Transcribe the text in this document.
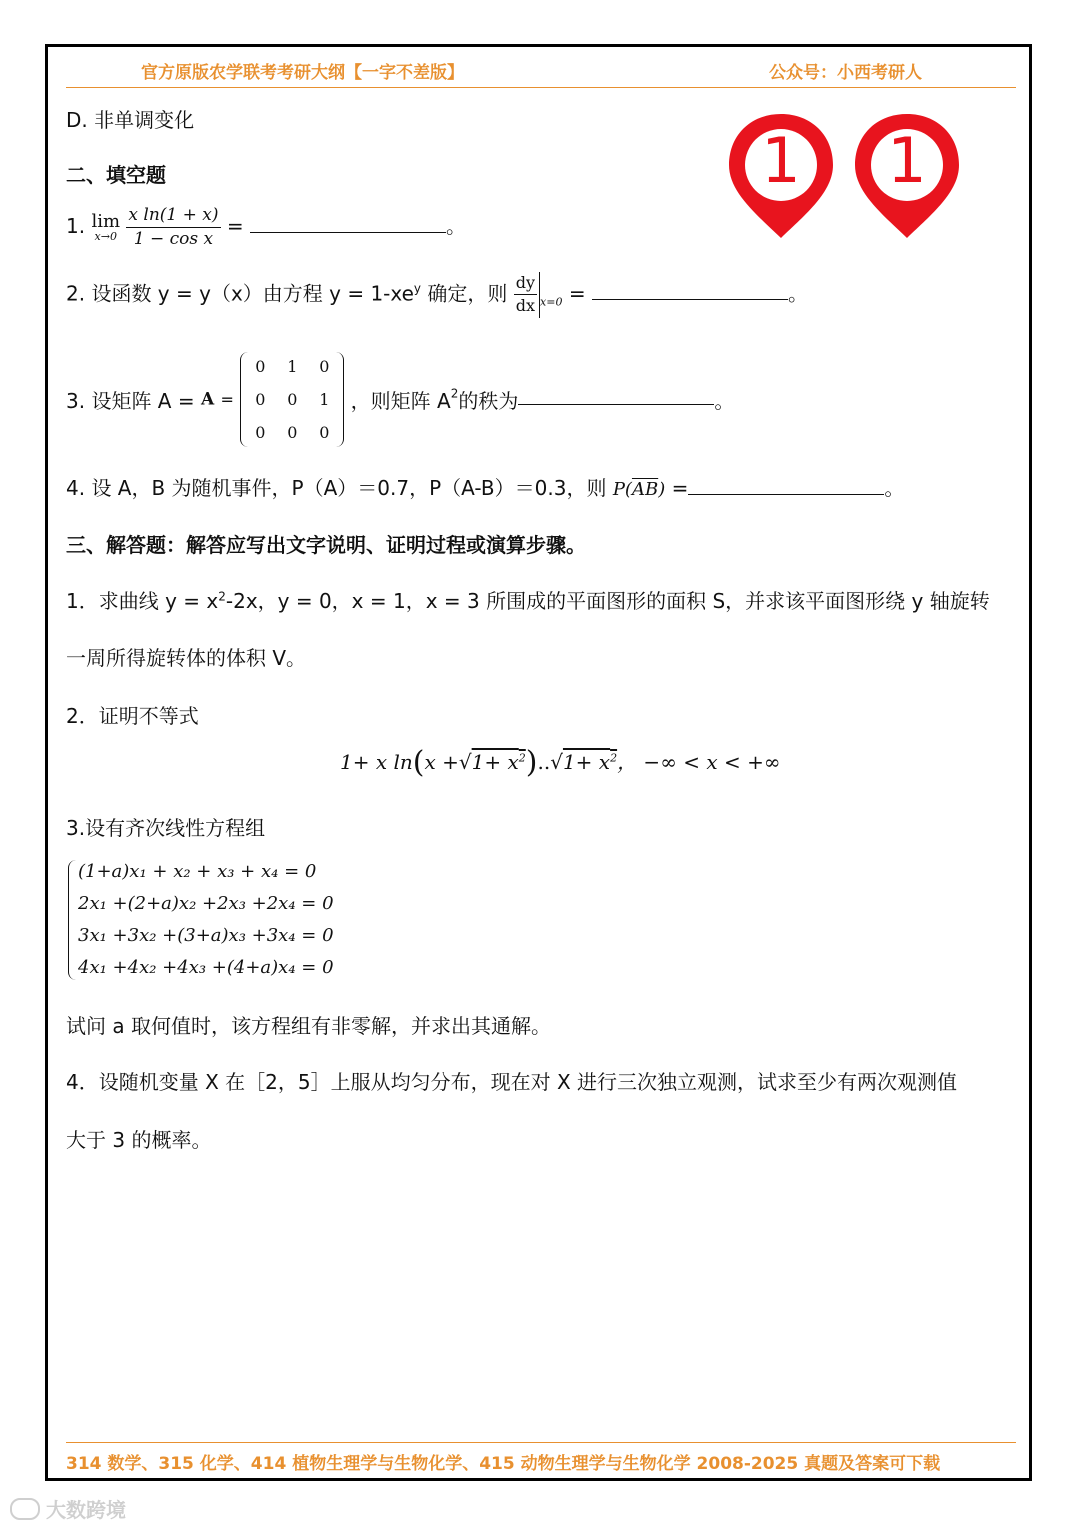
官方原版农学联考考研大纲【一字不差版】	公众号：小西考研人
1	1
D. 非单调变化
二、填空题
1. lim
x→0
$\frac{\text{x ln(1 + x)}}{\text{1 − cos x}}$ =	。
2. 设函数 y = y（x）由方程 $y = 1-xe^y$ 确定，则 $\frac{dy}{dx} _{x=0}$ =	。
3. 设矩阵 A = A =
0	1	0
0	0	1
0	0	0
，则矩阵 $A^2$的秩为	。
4. 设 A，B 为随机事件，P（A）＝0.7，P（A-B）＝0.3，则 $P(\overline{AB})$ =	。
三、解答题：解答应写出文字说明、证明过程或演算步骤。
1．求曲线 $y = x^2-2x$，y = 0，x = 1，x = 3 所围成的平面图形的面积 S，并求该平面图形绕 y 轴旋转
一周所得旋转体的体积 V。
2．证明不等式
1+ x $\ln(x +√1+ x^2)..√1+ x^2$， −∞ < x < +∞
3.设有齐次线性方程组
(1+a)x₁ + x₂ + x₃ + x₄ = 0
2x₁ +(2+a)x₂ +2x₃ +2x₄ = 0
3x₁ +3x₂ +(3+a)x₃ +3x₄ = 0
4x₁ +4x₂ +4x₃ +(4+a)x₄ = 0
试问 a 取何值时，该方程组有非零解，并求出其通解。
4．设随机变量 X 在［2，5］上服从均匀分布，现在对 X 进行三次独立观测，试求至少有两次观测值
大于 3 的概率。
314 数学、315 化学、414 植物生理学与生物化学、415 动物生理学与生物化学 2008-2025 真题及答案可下载
大数跨境
